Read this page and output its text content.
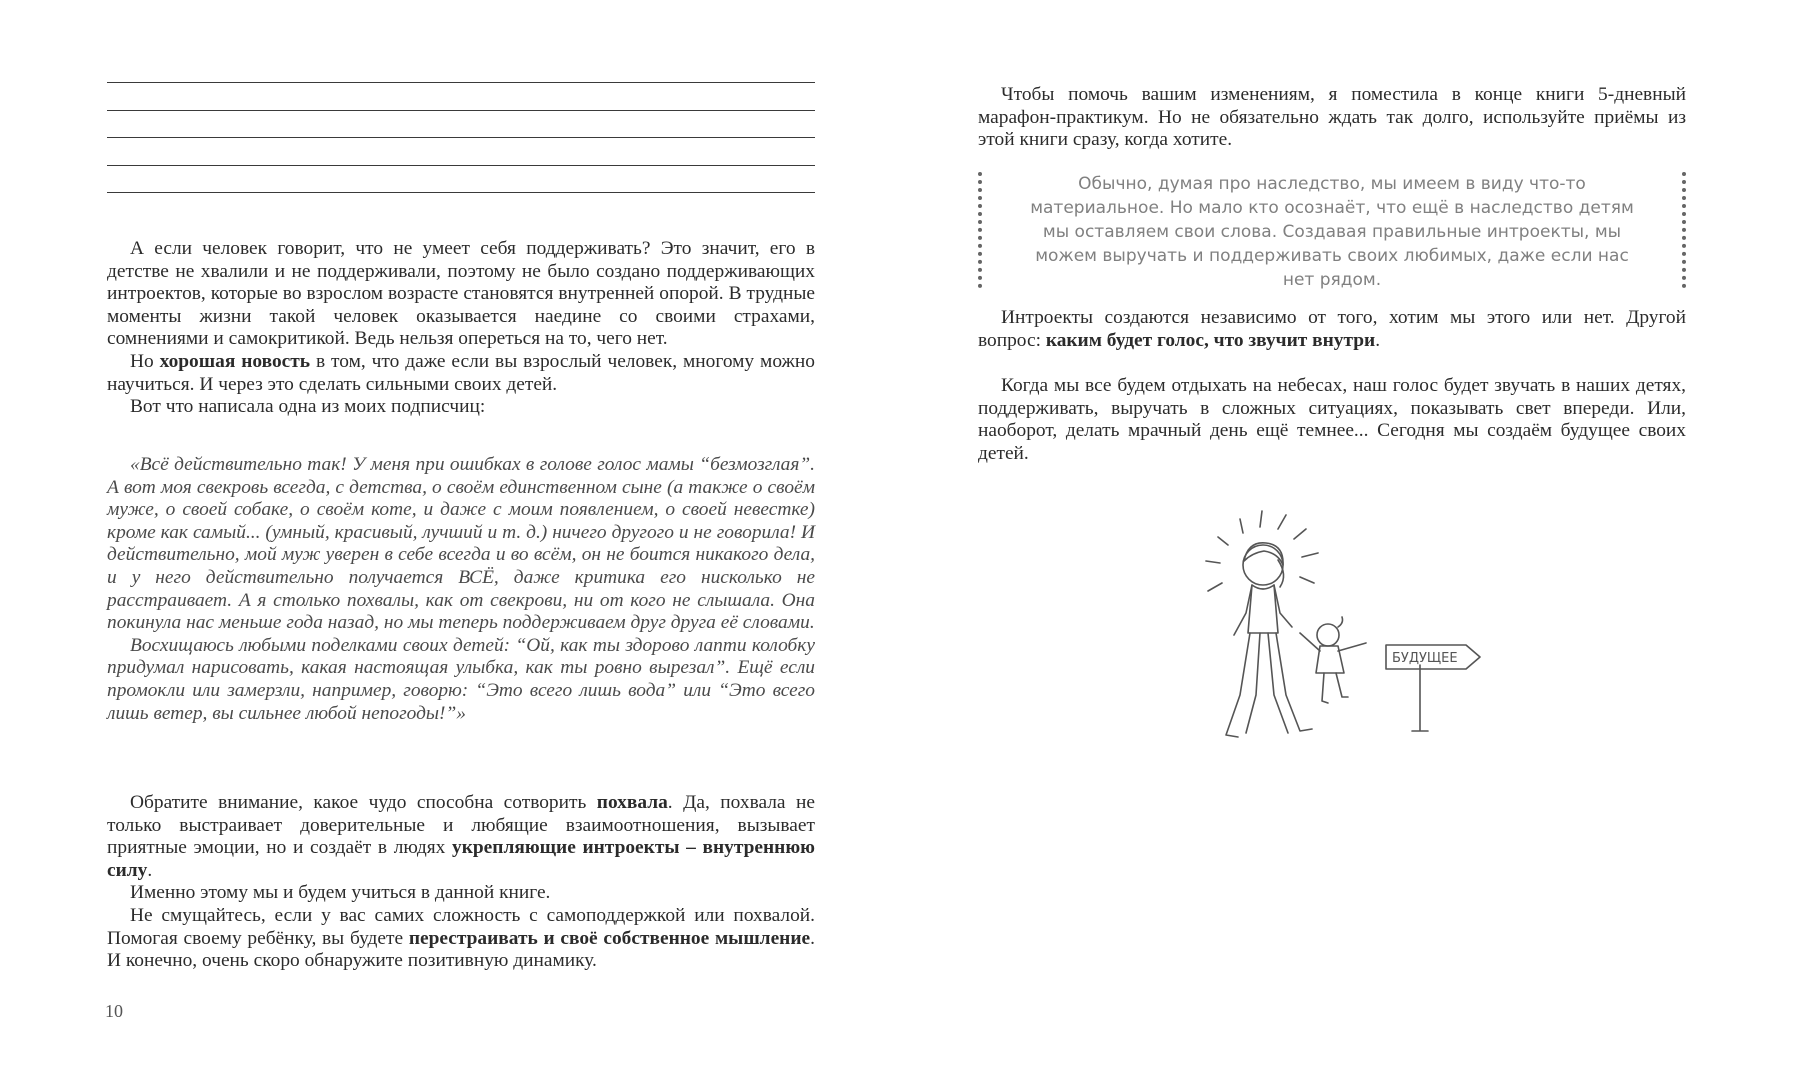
А если человек говорит, что не умеет себя поддерживать? Это значит, его в детстве не хвалили и не поддерживали, поэтому не было создано поддерживающих интроектов, которые во взрослом возрасте становятся внутренней опорой. В трудные моменты жизни такой человек оказывается наедине со своими страхами, сомнениями и самокритикой. Ведь нельзя опереться на то, чего нет.

Но хорошая новость в том, что даже если вы взрослый человек, многому можно научиться. И через это сделать сильными своих детей.

Вот что написала одна из моих подписчиц:

«Всё действительно так! У меня при ошибках в голове голос мамы “безмозглая”. А вот моя свекровь всегда, с детства, о своём единственном сыне (а также о своём муже, о своей собаке, о своём коте, и даже с моим появлением, о своей невестке) кроме как самый... (умный, красивый, лучший и т. д.) ничего другого и не говорила! И действительно, мой муж уверен в себе всегда и во всём, он не боится никакого дела, и у него действительно получается ВСЁ, даже критика его нисколько не расстраивает. А я столько похвалы, как от свекрови, ни от кого не слышала. Она покинула нас меньше года назад, но мы теперь поддерживаем друг друга её словами.

Восхищаюсь любыми поделками своих детей: “Ой, как ты здорово лапти колобку придумал нарисовать, какая настоящая улыбка, как ты ровно вырезал”. Ещё если промокли или замерзли, например, говорю: “Это всего лишь вода” или “Это всего лишь ветер, вы сильнее любой непогоды!”»

Обратите внимание, какое чудо способна сотворить похвала. Да, похвала не только выстраивает доверительные и любящие взаимоотношения, вызывает приятные эмоции, но и создаёт в людях укрепляющие интроекты – внутреннюю силу.

Именно этому мы и будем учиться в данной книге.

Не смущайтесь, если у вас самих сложность с самоподдержкой или похвалой. Помогая своему ребёнку, вы будете перестраивать и своё собственное мышление. И конечно, очень скоро обнаружите позитивную динамику.

10

Чтобы помочь вашим изменениям, я поместила в конце книги 5-дневный марафон-практикум. Но не обязательно ждать так долго, используйте приёмы из этой книги сразу, когда хотите.

Обычно, думая про наследство, мы имеем в виду что-то материальное. Но мало кто осознаёт, что ещё в наследство детям мы оставляем свои слова. Создавая правильные интроекты, мы можем выручать и поддерживать своих любимых, даже если нас нет рядом.

Интроекты создаются независимо от того, хотим мы этого или нет. Другой вопрос: каким будет голос, что звучит внутри.

Когда мы все будем отдыхать на небесах, наш голос будет звучать в наших детях, поддерживать, выручать в сложных ситуациях, показывать свет впереди. Или, наоборот, делать мрачный день ещё темнее... Сегодня мы создаём будущее своих детей.

БУДУЩЕЕ
